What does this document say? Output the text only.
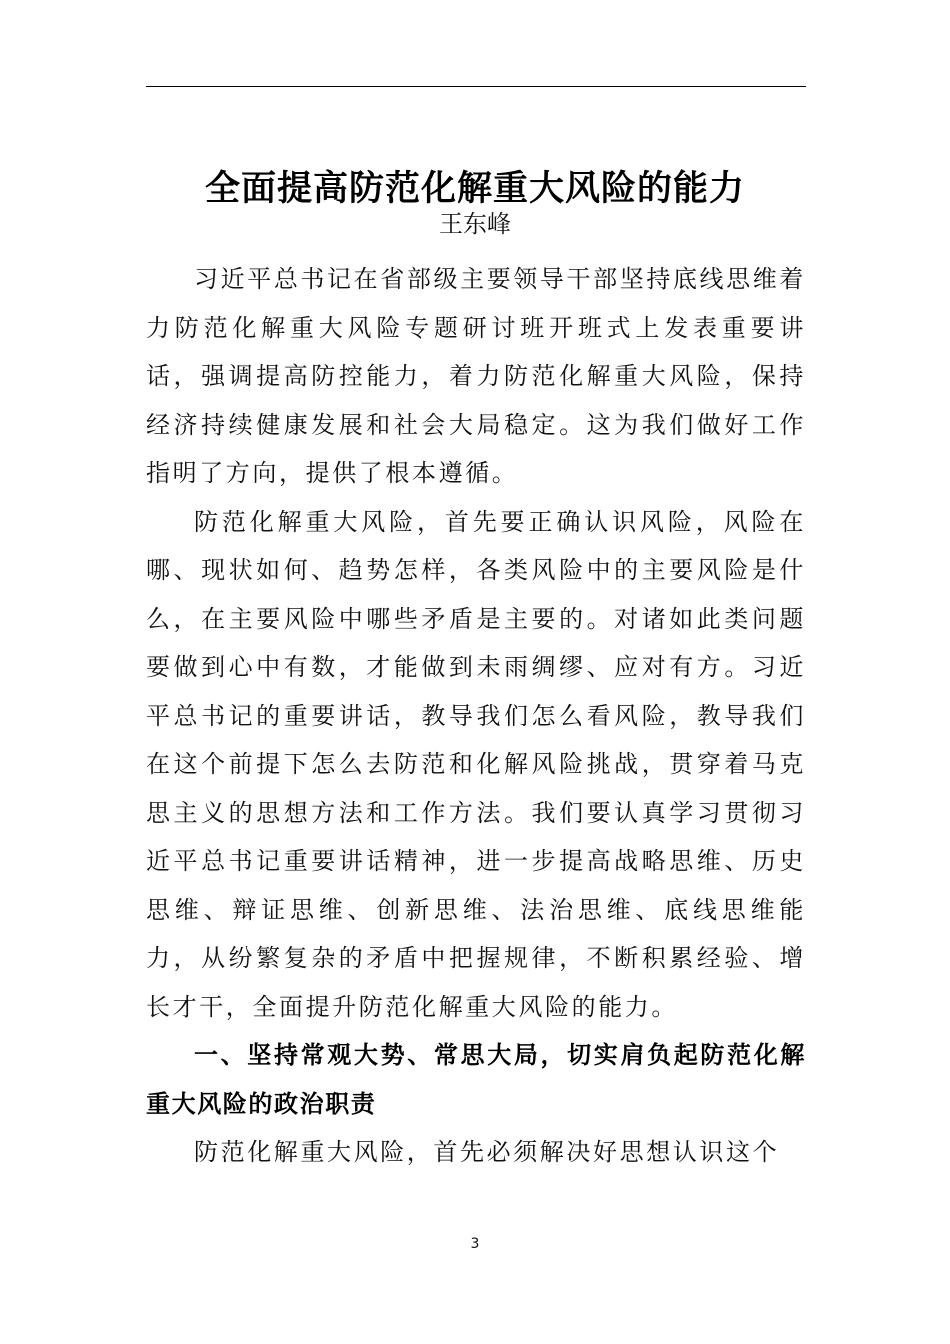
全面提高防范化解重大风险的能力
王东峰

习近平总书记在省部级主要领导干部坚持底线思维着力防范化解重大风险专题研讨班开班式上发表重要讲话，强调提高防控能力，着力防范化解重大风险，保持经济持续健康发展和社会大局稳定。这为我们做好工作指明了方向，提供了根本遵循。

防范化解重大风险，首先要正确认识风险，风险在哪、现状如何、趋势怎样，各类风险中的主要风险是什么，在主要风险中哪些矛盾是主要的。对诸如此类问题要做到心中有数，才能做到未雨绸缪、应对有方。习近平总书记的重要讲话，教导我们怎么看风险，教导我们在这个前提下怎么去防范和化解风险挑战，贯穿着马克思主义的思想方法和工作方法。我们要认真学习贯彻习近平总书记重要讲话精神，进一步提高战略思维、历史思维、辩证思维、创新思维、法治思维、底线思维能力，从纷繁复杂的矛盾中把握规律，不断积累经验、增长才干，全面提升防范化解重大风险的能力。

一、坚持常观大势、常思大局，切实肩负起防范化解重大风险的政治职责

防范化解重大风险，首先必须解决好思想认识这个

3
